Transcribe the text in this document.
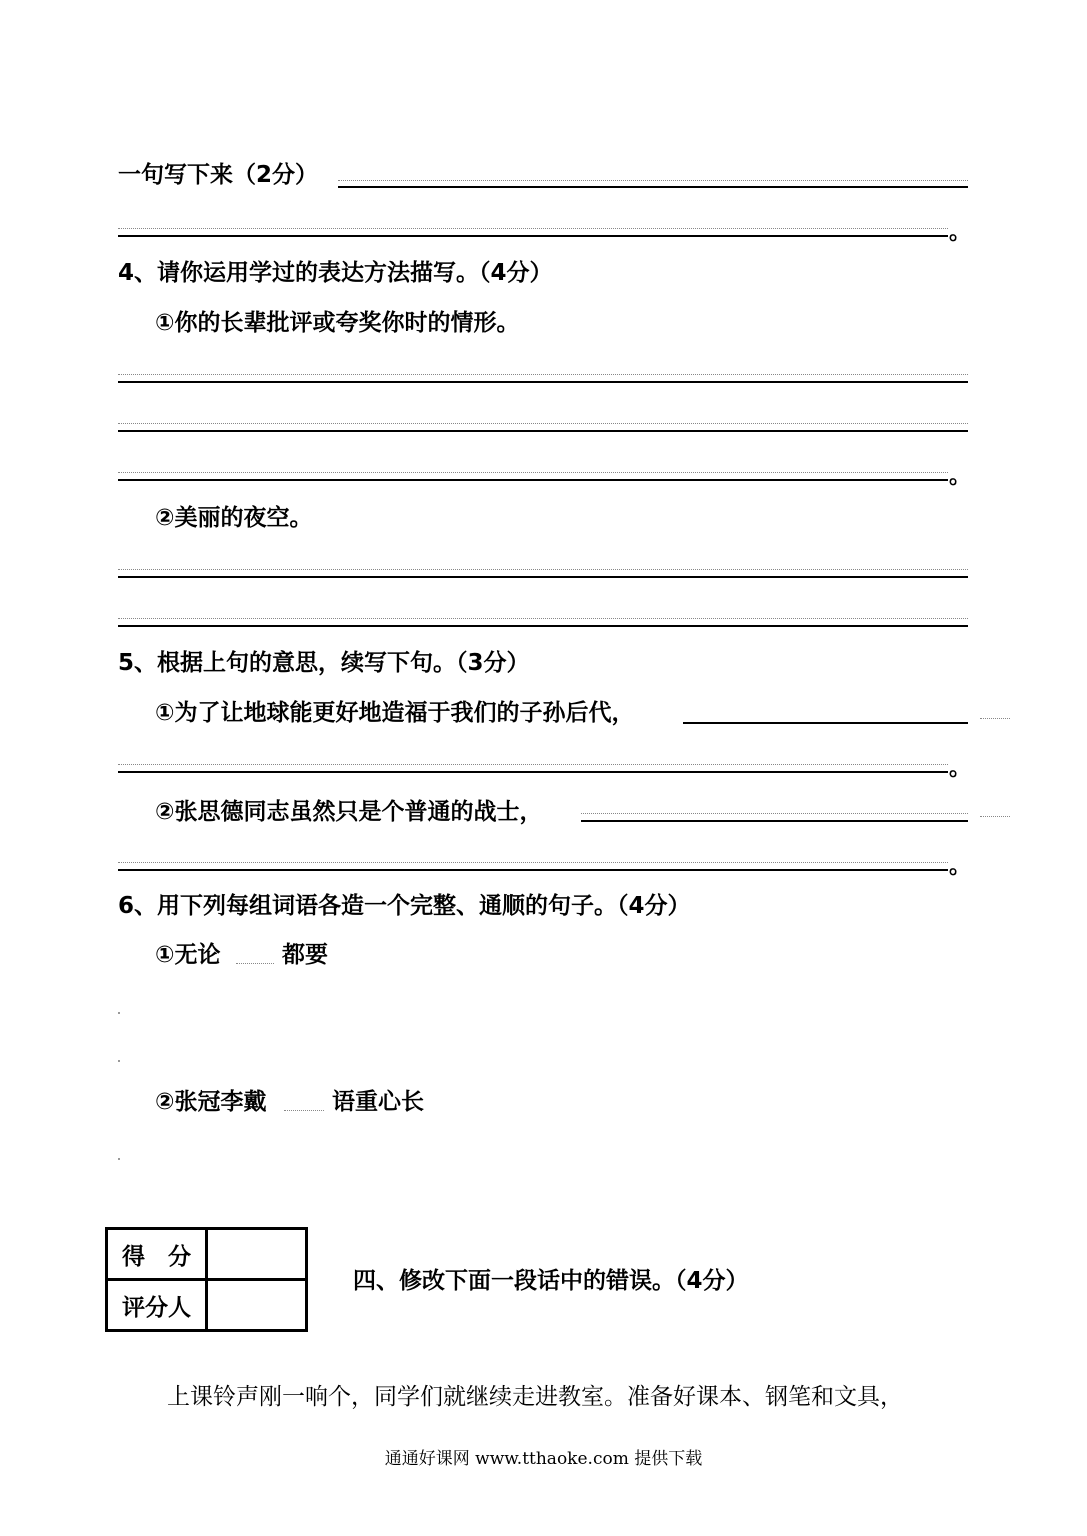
一句写下来（2分）
。
4、请你运用学过的表达方法描写。（4分）
①你的长辈批评或夸奖你时的情形。
。
②美丽的夜空。
5、根据上句的意思，续写下句。（3分）
①为了让地球能更好地造福于我们的子孙后代，
。
②张思德同志虽然只是个普通的战士，
。
6、用下列每组词语各造一个完整、通顺的句子。（4分）
①无论	都要
②张冠李戴	语重心长
得　分	
评分人	
四、修改下面一段话中的错误。（4分）
上课铃声刚一响个，同学们就继续走进教室。准备好课本、钢笔和文具，
通通好课网 www.tthaoke.com 提供下载
